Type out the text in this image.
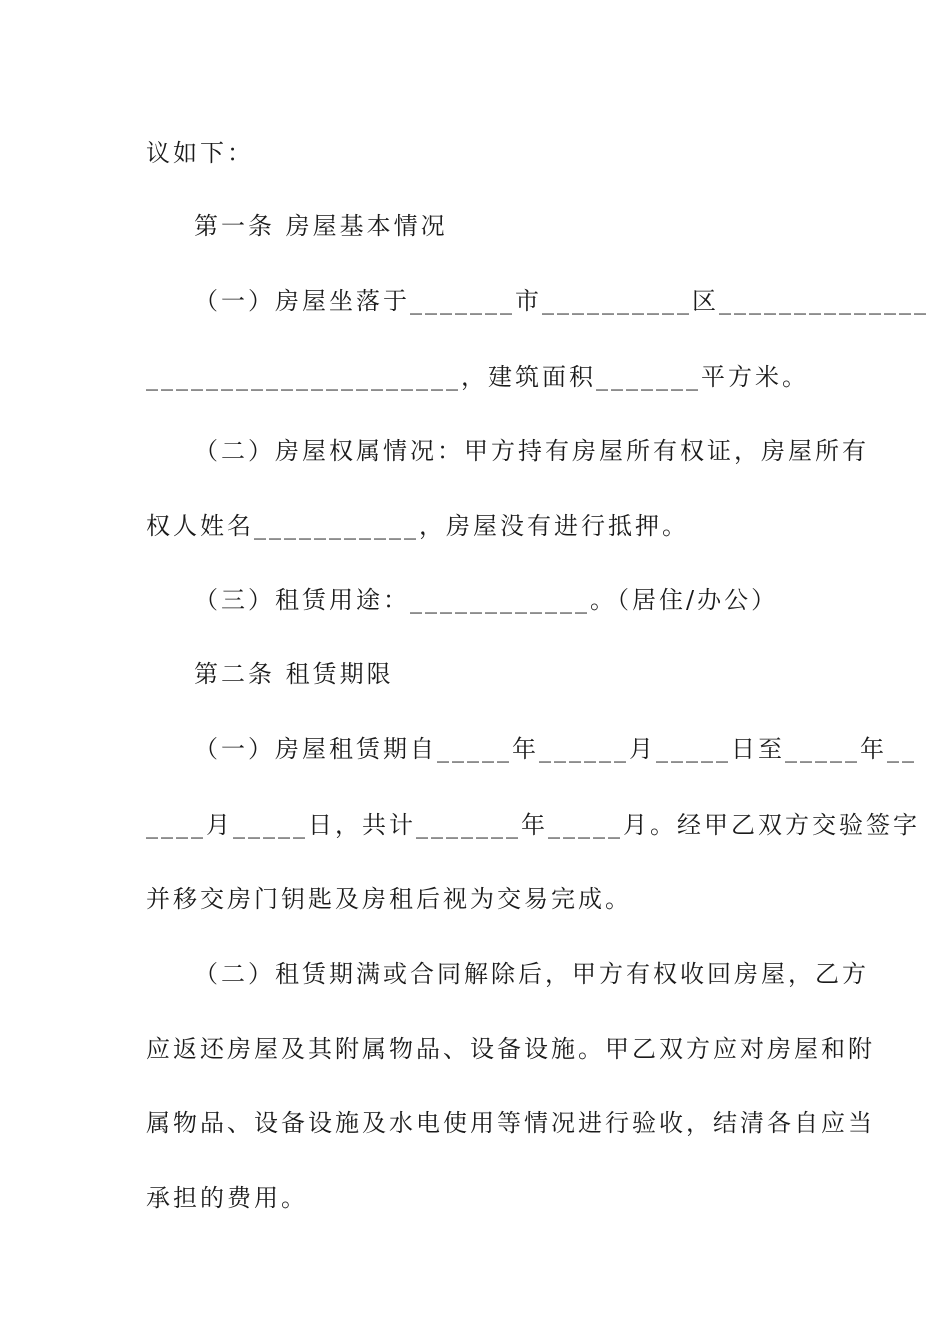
议如下：
第一条 房屋基本情况
（一）房屋坐落于_______市__________区______________
_____________________，建筑面积_______平方米。
（二）房屋权属情况：甲方持有房屋所有权证，房屋所有
权人姓名___________，房屋没有进行抵押。
（三）租赁用途：____________。（居住/办公）
第二条 租赁期限
（一）房屋租赁期自_____年______月_____日至_____年__
____月_____日，共计_______年_____月。经甲乙双方交验签字
并移交房门钥匙及房租后视为交易完成。
（二）租赁期满或合同解除后，甲方有权收回房屋，乙方
应返还房屋及其附属物品、设备设施。甲乙双方应对房屋和附
属物品、设备设施及水电使用等情况进行验收，结清各自应当
承担的费用。
